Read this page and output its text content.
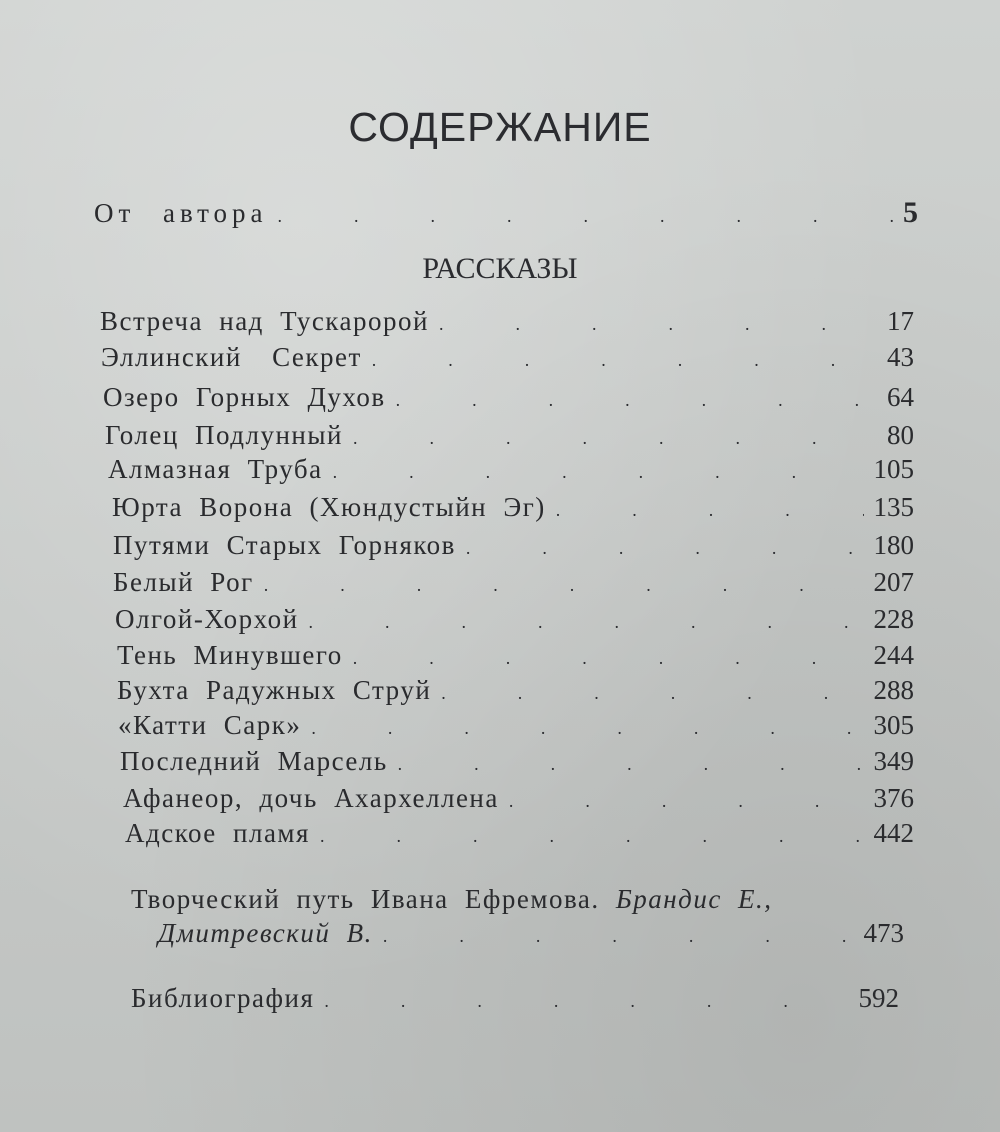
СОДЕРЖАНИЕ
От автора .	5
РАССКАЗЫ
Встреча над Тускаророй .	17
Эллинский Секрет .	43
Озеро Горных Духов .	64
Голец Подлунный .	80
Алмазная Труба .	105
Юрта Ворона (Хюндустыйн Эг) .	135
Путями Старых Горняков .	180
Белый Рог .	207
Олгой-Хорхой .	228
Тень Минувшего .	244
Бухта Радужных Струй .	288
«Катти Сарк» .	305
Последний Марсель .	349
Афанеор, дочь Ахархеллена .	376
Адское пламя .	442
Творческий путь Ивана Ефремова. Брандис Е.,
Дмитревский В. .	473
Библиография .	592
